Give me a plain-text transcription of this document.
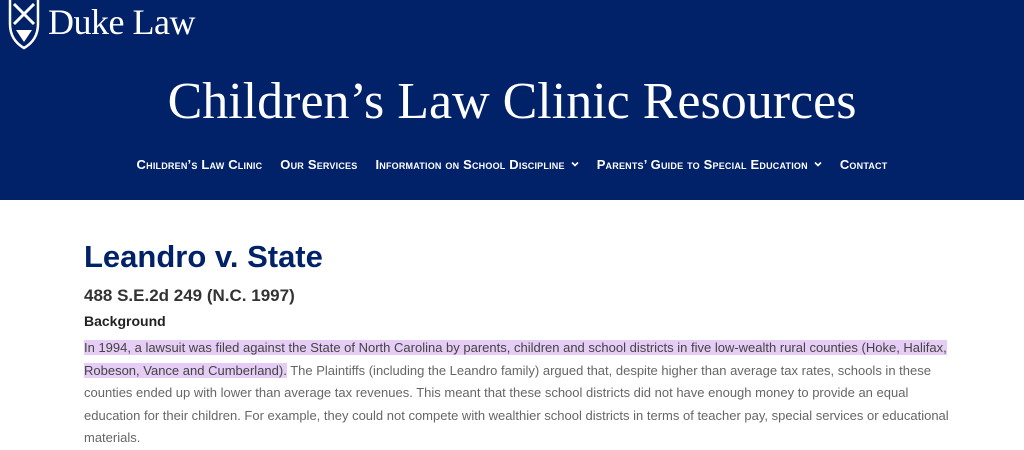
Duke Law
Children’s Law Clinic Resources
Children’s Law Clinic Our Services Information on School Discipline Parents’ Guide to Special Education Contact
Leandro v. State
488 S.E.2d 249 (N.C. 1997)
Background

In 1994, a lawsuit was filed against the State of North Carolina by parents, children and school districts in five low-wealth rural counties (Hoke, Halifax, Robeson, Vance and Cumberland). The Plaintiffs (including the Leandro family) argued that, despite higher than average tax rates, schools in these counties ended up with lower than average tax revenues. This meant that these school districts did not have enough money to provide an equal education for their children. For example, they could not compete with wealthier school districts in terms of teacher pay, special services or educational materials.
